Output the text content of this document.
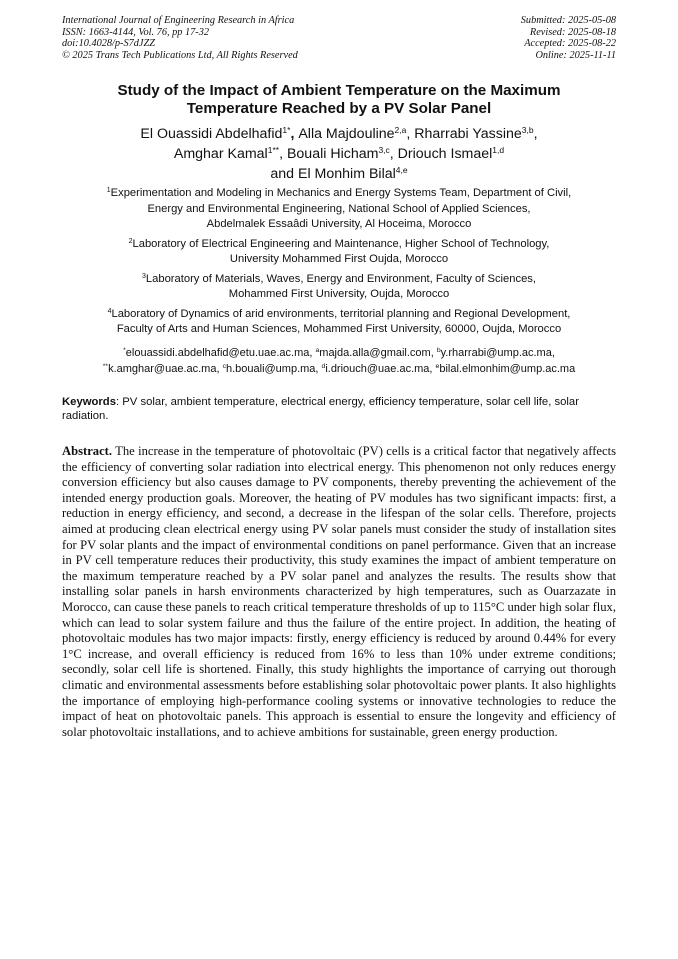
International Journal of Engineering Research in Africa
ISSN: 1663-4144, Vol. 76, pp 17-32
doi:10.4028/p-S7dJZZ
© 2025 Trans Tech Publications Ltd, All Rights Reserved
Submitted: 2025-05-08
Revised: 2025-08-18
Accepted: 2025-08-22
Online: 2025-11-11
Study of the Impact of Ambient Temperature on the Maximum
Temperature Reached by a PV Solar Panel
El Ouassidi Abdelhafid$^{1*}$, Alla Majdouline$^{2,a}$, Rharrabi Yassine$^{3,b}$,
Amghar Kamal$^{1**}$, Bouali Hicham$^{3,c}$, Driouch Ismael$^{1,d}$
and El Monhim Bilal$^{4,e}$
$^1$Experimentation and Modeling in Mechanics and Energy Systems Team, Department of Civil,
Energy and Environmental Engineering, National School of Applied Sciences,
Abdelmalek Essaâdi University, Al Hoceima, Morocco
$^2$Laboratory of Electrical Engineering and Maintenance, Higher School of Technology,
University Mohammed First Oujda, Morocco
$^3$Laboratory of Materials, Waves, Energy and Environment, Faculty of Sciences,
Mohammed First University, Oujda, Morocco
$^4$Laboratory of Dynamics of arid environments, territorial planning and Regional Development,
Faculty of Arts and Human Sciences, Mohammed First University, 60000, Oujda, Morocco
*elouassidi.abdelhafid@etu.uae.ac.ma, $^a$majda.alla@gmail.com, $^b$y.rharrabi@ump.ac.ma,
**k.amghar@uae.ac.ma, $^c$h.bouali@ump.ma, $^d$i.driouch@uae.ac.ma, $^e$bilal.elmonhim@ump.ac.ma
Keywords: PV solar, ambient temperature, electrical energy, efficiency temperature, solar cell life, solar radiation.
Abstract. The increase in the temperature of photovoltaic (PV) cells is a critical factor that negatively affects the efficiency of converting solar radiation into electrical energy. This phenomenon not only reduces energy conversion efficiency but also causes damage to PV components, thereby preventing the achievement of the intended energy production goals. Moreover, the heating of PV modules has two significant impacts: first, a reduction in energy efficiency, and second, a decrease in the lifespan of the solar cells. Therefore, projects aimed at producing clean electrical energy using PV solar panels must consider the study of installation sites for PV solar plants and the impact of environmental conditions on panel performance. Given that an increase in PV cell temperature reduces their productivity, this study examines the impact of ambient temperature on the maximum temperature reached by a PV solar panel and analyzes the results. The results show that installing solar panels in harsh environments characterized by high temperatures, such as Ouarzazate in Morocco, can cause these panels to reach critical temperature thresholds of up to 115°C under high solar flux, which can lead to solar system failure and thus the failure of the entire project. In addition, the heating of photovoltaic modules has two major impacts: firstly, energy efficiency is reduced by around 0.44% for every 1°C increase, and overall efficiency is reduced from 16% to less than 10% under extreme conditions; secondly, solar cell life is shortened. Finally, this study highlights the importance of carrying out thorough climatic and environmental assessments before establishing solar photovoltaic power plants. It also highlights the importance of employing high-performance cooling systems or innovative technologies to reduce the impact of heat on photovoltaic panels. This approach is essential to ensure the longevity and efficiency of solar photovoltaic installations, and to achieve ambitions for sustainable, green energy production.
